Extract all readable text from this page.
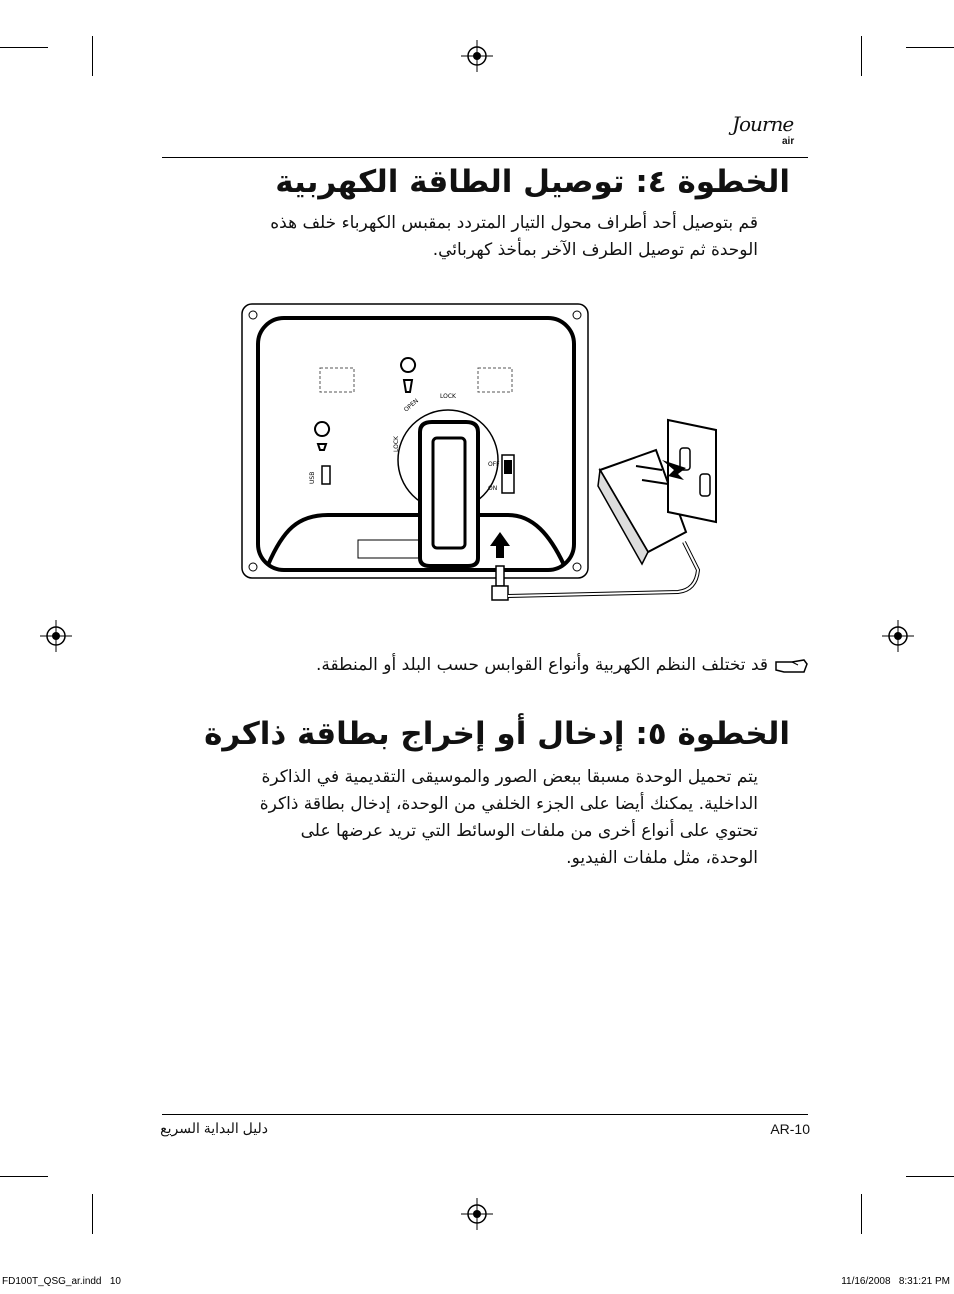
Journe
air
الخطوة ٤: توصيل الطاقة الكهربية
قم بتوصيل أحد أطراف محول التيار المتردد بمقبس الكهرباء خلف هذه
الوحدة ثم توصيل الطرف الآخر بمأخذ كهربائي.
USB
LOCK
OPEN
LOCK
OFF
ON
قد تختلف النظم الكهربية وأنواع القوابس حسب البلد أو المنطقة.
الخطوة ٥: إدخال أو إخراج بطاقة ذاكرة
يتم تحميل الوحدة مسبقا ببعض الصور والموسيقى التقديمية في الذاكرة
الداخلية. يمكنك أيضا على الجزء الخلفي من الوحدة، إدخال بطاقة ذاكرة
تحتوي على أنواع أخرى من ملفات الوسائط التي تريد عرضها على
الوحدة، مثل ملفات الفيديو.
دليل البداية السريع	AR-10
FD100T_QSG_ar.indd   10	11/16/2008   8:31:21 PM
